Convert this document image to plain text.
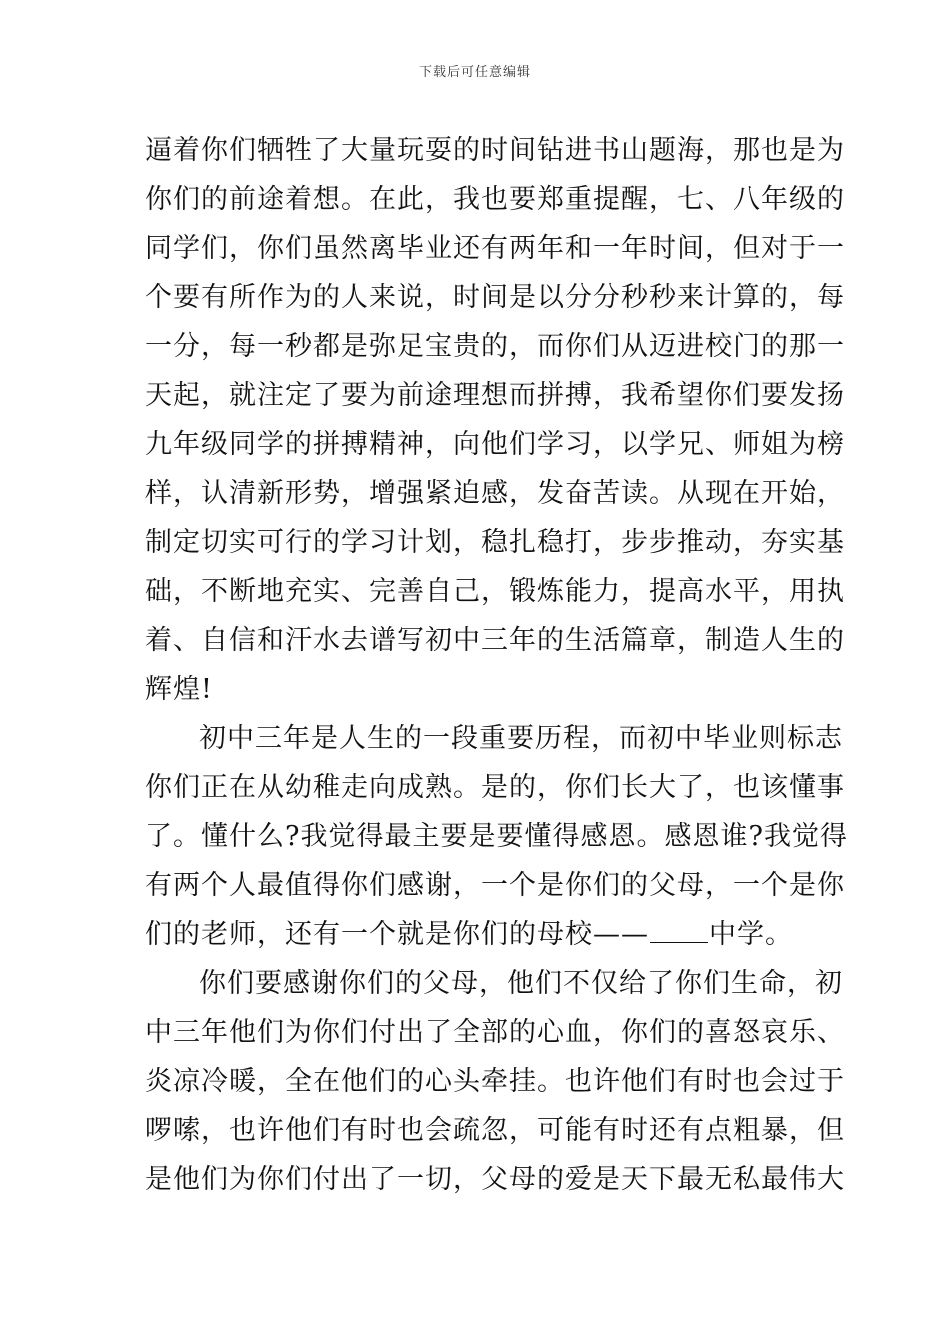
下载后可任意编辑
逼着你们牺牲了大量玩耍的时间钻进书山题海，那也是为
你们的前途着想。在此，我也要郑重提醒，七、八年级的
同学们，你们虽然离毕业还有两年和一年时间，但对于一
个要有所作为的人来说，时间是以分分秒秒来计算的，每
一分，每一秒都是弥足宝贵的，而你们从迈进校门的那一
天起，就注定了要为前途理想而拼搏，我希望你们要发扬
九年级同学的拼搏精神，向他们学习，以学兄、师姐为榜
样，认清新形势，增强紧迫感，发奋苦读。从现在开始，
制定切实可行的学习计划，稳扎稳打，步步推动，夯实基
础，不断地充实、完善自己，锻炼能力，提高水平，用执
着、自信和汗水去谱写初中三年的生活篇章，制造人生的
辉煌!
初中三年是人生的一段重要历程，而初中毕业则标志
你们正在从幼稚走向成熟。是的，你们长大了，也该懂事
了。懂什么?我觉得最主要是要懂得感恩。感恩谁?我觉得
有两个人最值得你们感谢，一个是你们的父母，一个是你
们的老师，还有一个就是你们的母校—— 中学。
你们要感谢你们的父母，他们不仅给了你们生命，初
中三年他们为你们付出了全部的心血，你们的喜怒哀乐、
炎凉冷暖，全在他们的心头牵挂。也许他们有时也会过于
啰嗦，也许他们有时也会疏忽，可能有时还有点粗暴，但
是他们为你们付出了一切，父母的爱是天下最无私最伟大
